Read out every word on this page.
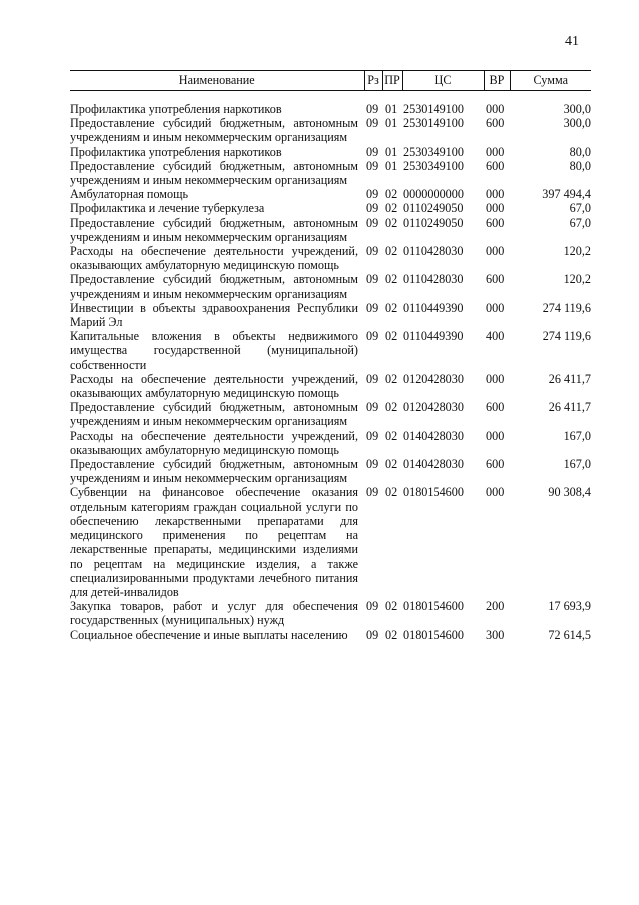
41
Наименование	Рз	ПР	ЦС	ВР	Сумма
Профилактика употребления наркотиков	09	01	2530149100	000	300,0
Предоставление субсидий бюджетным, автономным учреждениям и иным некоммерческим организациям	09	01	2530149100	600	300,0
Профилактика употребления наркотиков	09	01	2530349100	000	80,0
Предоставление субсидий бюджетным, автономным учреждениям и иным некоммерческим организациям	09	01	2530349100	600	80,0
Амбулаторная помощь	09	02	0000000000	000	397 494,4
Профилактика и лечение туберкулеза	09	02	0110249050	000	67,0
Предоставление субсидий бюджетным, автономным учреждениям и иным некоммерческим организациям	09	02	0110249050	600	67,0
Расходы на обеспечение деятельности учреждений, оказывающих амбулаторную медицинскую помощь	09	02	0110428030	000	120,2
Предоставление субсидий бюджетным, автономным учреждениям и иным некоммерческим организациям	09	02	0110428030	600	120,2
Инвестиции в объекты здравоохранения Республики Марий Эл	09	02	0110449390	000	274 119,6
Капитальные вложения в объекты недвижимого имущества государственной (муниципальной) собственности	09	02	0110449390	400	274 119,6
Расходы на обеспечение деятельности учреждений, оказывающих амбулаторную медицинскую помощь	09	02	0120428030	000	26 411,7
Предоставление субсидий бюджетным, автономным учреждениям и иным некоммерческим организациям	09	02	0120428030	600	26 411,7
Расходы на обеспечение деятельности учреждений, оказывающих амбулаторную медицинскую помощь	09	02	0140428030	000	167,0
Предоставление субсидий бюджетным, автономным учреждениям и иным некоммерческим организациям	09	02	0140428030	600	167,0
Субвенции на финансовое обеспечение оказания отдельным категориям граждан социальной услуги по обеспечению лекарственными препаратами для медицинского применения по рецептам на лекарственные препараты, медицинскими изделиями по рецептам на медицинские изделия, а также специализированными продуктами лечебного питания для детей-инвалидов	09	02	0180154600	000	90 308,4
Закупка товаров, работ и услуг для обеспечения государственных (муниципальных) нужд	09	02	0180154600	200	17 693,9
Социальное обеспечение и иные выплаты населению	09	02	0180154600	300	72 614,5
